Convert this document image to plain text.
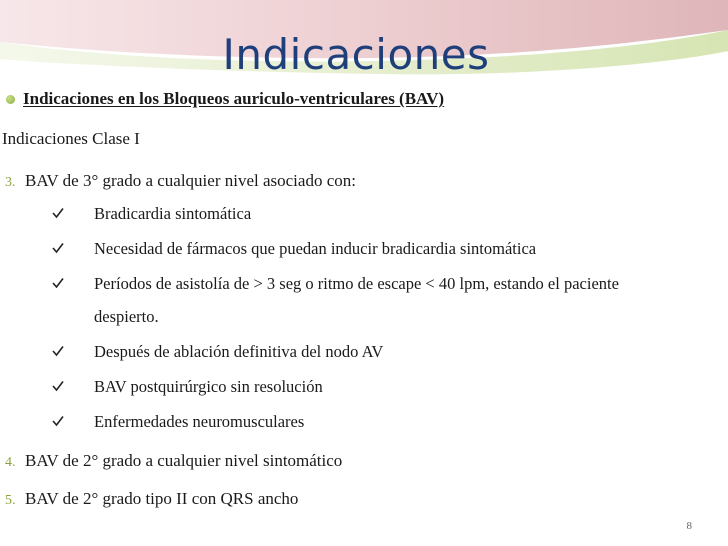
Indicaciones
Indicaciones en los Bloqueos auriculo-ventriculares (BAV)
Indicaciones Clase I
3. BAV de 3° grado a cualquier nivel asociado con:
Bradicardia sintomática
Necesidad de fármacos que puedan inducir bradicardia sintomática
Períodos de asistolía de > 3 seg o ritmo de escape < 40 lpm, estando el paciente
despierto.
Después de ablación definitiva del nodo AV
BAV postquirúrgico sin resolución
Enfermedades neuromusculares
4. BAV de 2° grado a cualquier nivel sintomático
5. BAV de 2° grado tipo II con QRS ancho
8
